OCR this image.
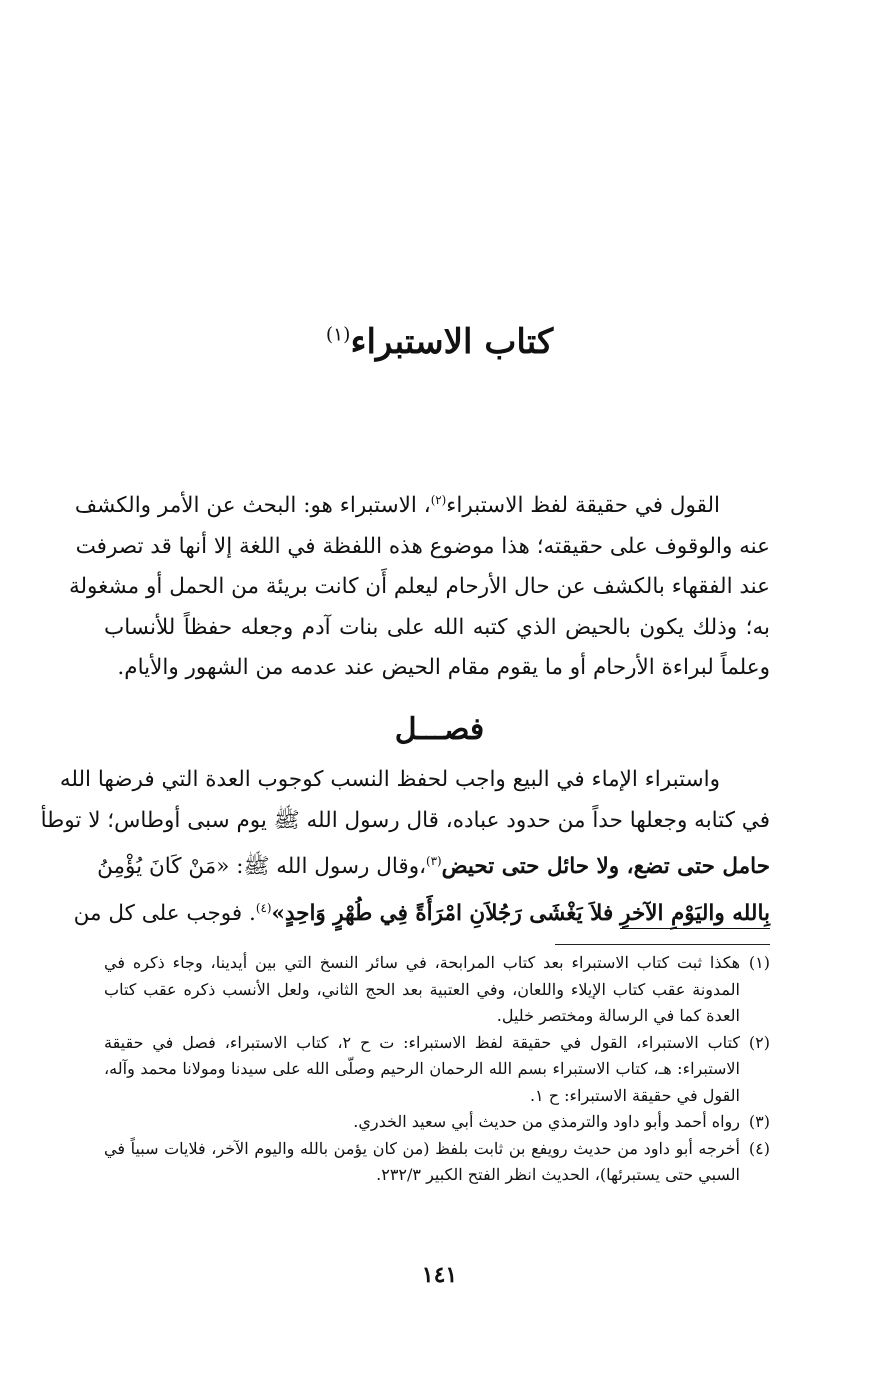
كتاب الاستبراء$^{(١)}$
القول في حقيقة لفظ الاستبراء$^{(٢)}$، الاستبراء هو: البحث عن الأمر والكشف
عنه والوقوف على حقيقته؛ هذا موضوع هذه اللفظة في اللغة إلا أنها قد تصرفت
عند الفقهاء بالكشف عن حال الأرحام ليعلم أَن كانت بريئة من الحمل أو مشغولة
به؛ وذلك يكون بالحيض الذي كتبه الله على بنات آدم وجعله حفظاً للأنساب
وعلماً لبراءة الأرحام أو ما يقوم مقام الحيض عند عدمه من الشهور والأيام.
فصـــل
واستبراء الإماء في البيع واجب لحفظ النسب كوجوب العدة التي فرضها الله
في كتابه وجعلها حداً من حدود عباده، قال رسول الله ﷺ يوم سبى أوطاس؛ لا توطأ
حامل حتى تضع، ولا حائل حتى تحيض$^{(٣)}$،وقال رسول الله ﷺ: «مَنْ كَانَ يُؤْمِنُ
بِالله واليَوْمِ الآخرِ فلاَ يَغْشَى رَجُلاَنِ امْرَأَةً فِي طُهْرٍ وَاحِدٍ»$^{(٤)}$. فوجب على كل من
(١)
هكذا ثبت كتاب الاستبراء بعد كتاب المرابحة، في سائر النسخ التي بين أيدينا، وجاء ذكره في
المدونة عقب كتاب الإيلاء واللعان، وفي العتبية بعد الحج الثاني، ولعل الأنسب ذكره عقب كتاب
العدة كما في الرسالة ومختصر خليل.
(٢)
كتاب الاستبراء، القول في حقيقة لفظ الاستبراء: ت ح ٢، كتاب الاستبراء، فصل في حقيقة
الاستبراء: هـ، كتاب الاستبراء بسم الله الرحمان الرحيم وصلّى الله على سيدنا ومولانا محمد وآله،
القول في حقيقة الاستبراء: ح ١.
(٣)
رواه أحمد وأبو داود والترمذي من حديث أبي سعيد الخدري.
(٤)
أخرجه أبو داود من حديث رويفع بن ثابت بلفظ (من كان يؤمن بالله واليوم الآخر، فلايات سبياً في
السبي حتى يستبرئها)، الحديث انظر الفتح الكبير ٢٣٢/٣.
١٤١
